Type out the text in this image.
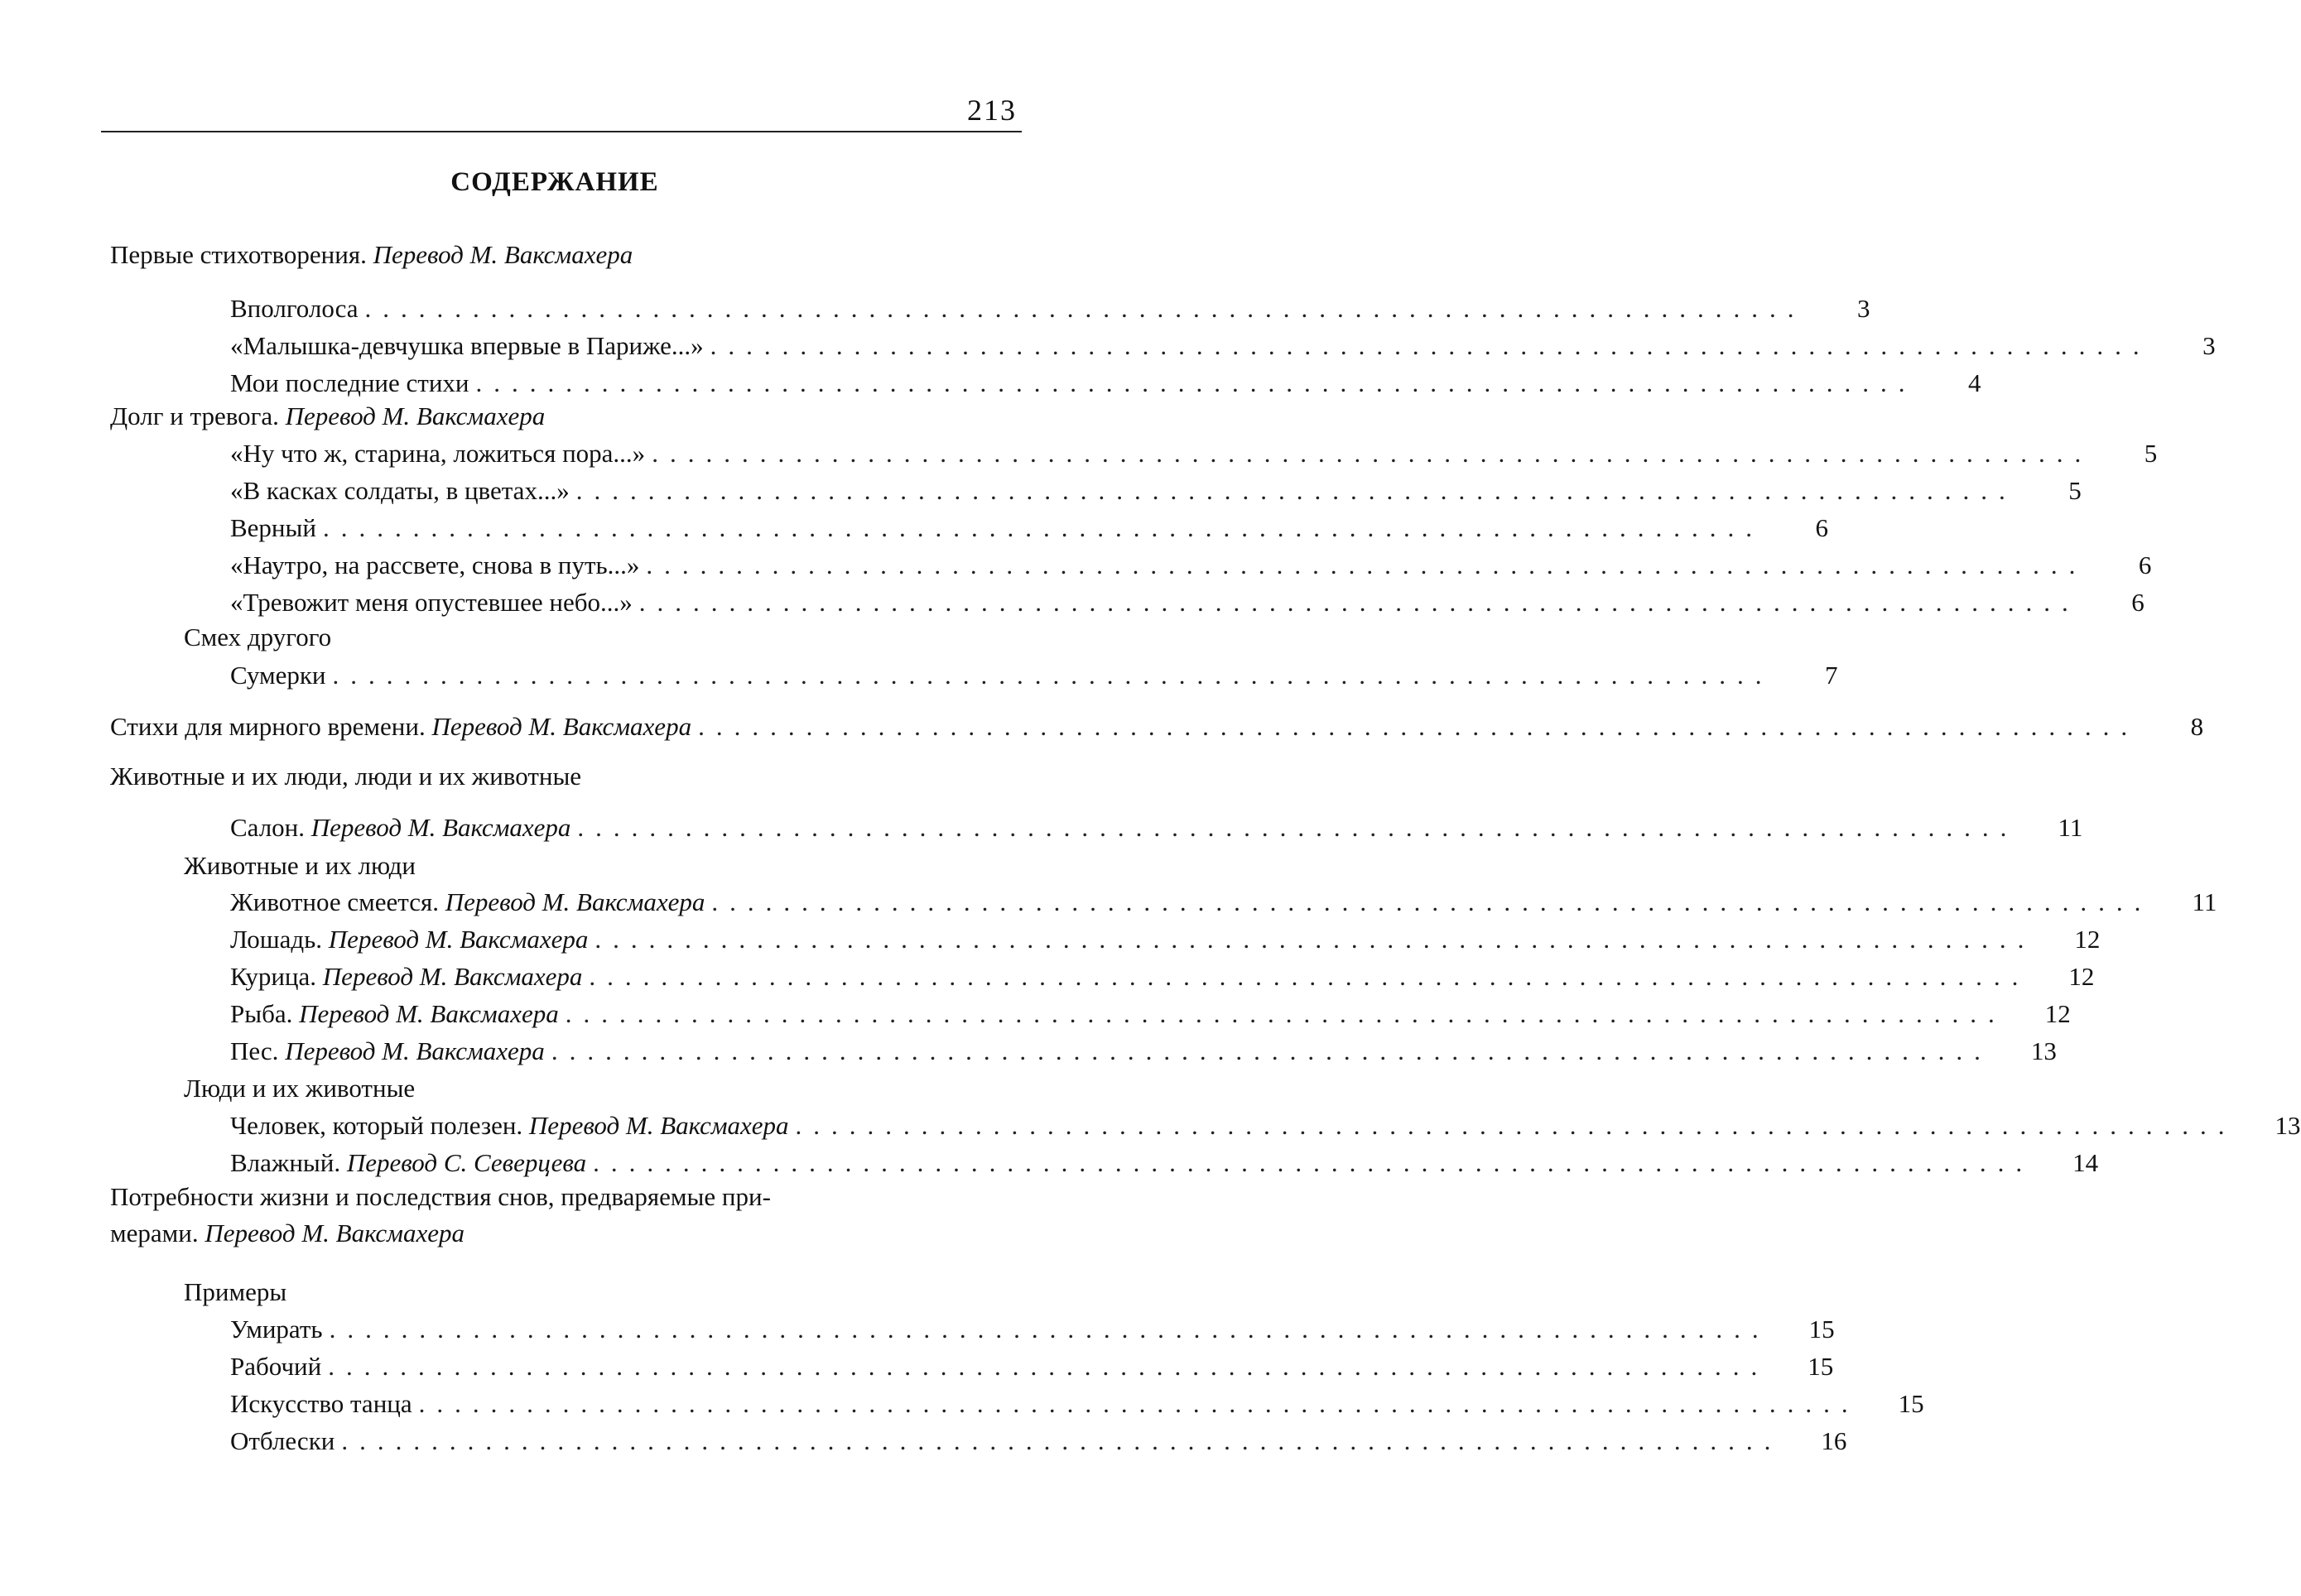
213
СОДЕРЖАНИЕ
Первые стихотворения. Перевод М. Ваксмахера
Вполголоса ................................................................................	3
«Малышка-девчушка впервые в Париже...» ................................................................................	3
Мои последние стихи ................................................................................	4
Долг и тревога. Перевод М. Ваксмахера
«Ну что ж, старина, ложиться пора...» ................................................................................	5
«В касках солдаты, в цветах...» ................................................................................	5
Верный ................................................................................	6
«Наутро, на рассвете, снова в путь...» ................................................................................	6
«Тревожит меня опустевшее небо...» ................................................................................	6
Смех другого
Сумерки ................................................................................	7
Стихи для мирного времени. Перевод М. Ваксмахера ................................................................................	8
Животные и их люди, люди и их животные
Салон. Перевод М. Ваксмахера ................................................................................	11
Животные и их люди
Животное смеется. Перевод М. Ваксмахера ................................................................................	11
Лошадь. Перевод М. Ваксмахера ................................................................................	12
Курица. Перевод М. Ваксмахера ................................................................................	12
Рыба. Перевод М. Ваксмахера ................................................................................	12
Пес. Перевод М. Ваксмахера ................................................................................	13
Люди и их животные
Человек, который полезен. Перевод М. Ваксмахера ................................................................................	13
Влажный. Перевод С. Северцева ................................................................................	14
Потребности жизни и последствия снов, предваряемые при-
мерами. Перевод М. Ваксмахера
Примеры
Умирать ................................................................................	15
Рабочий ................................................................................	15
Искусство танца ................................................................................	15
Отблески ................................................................................	16
